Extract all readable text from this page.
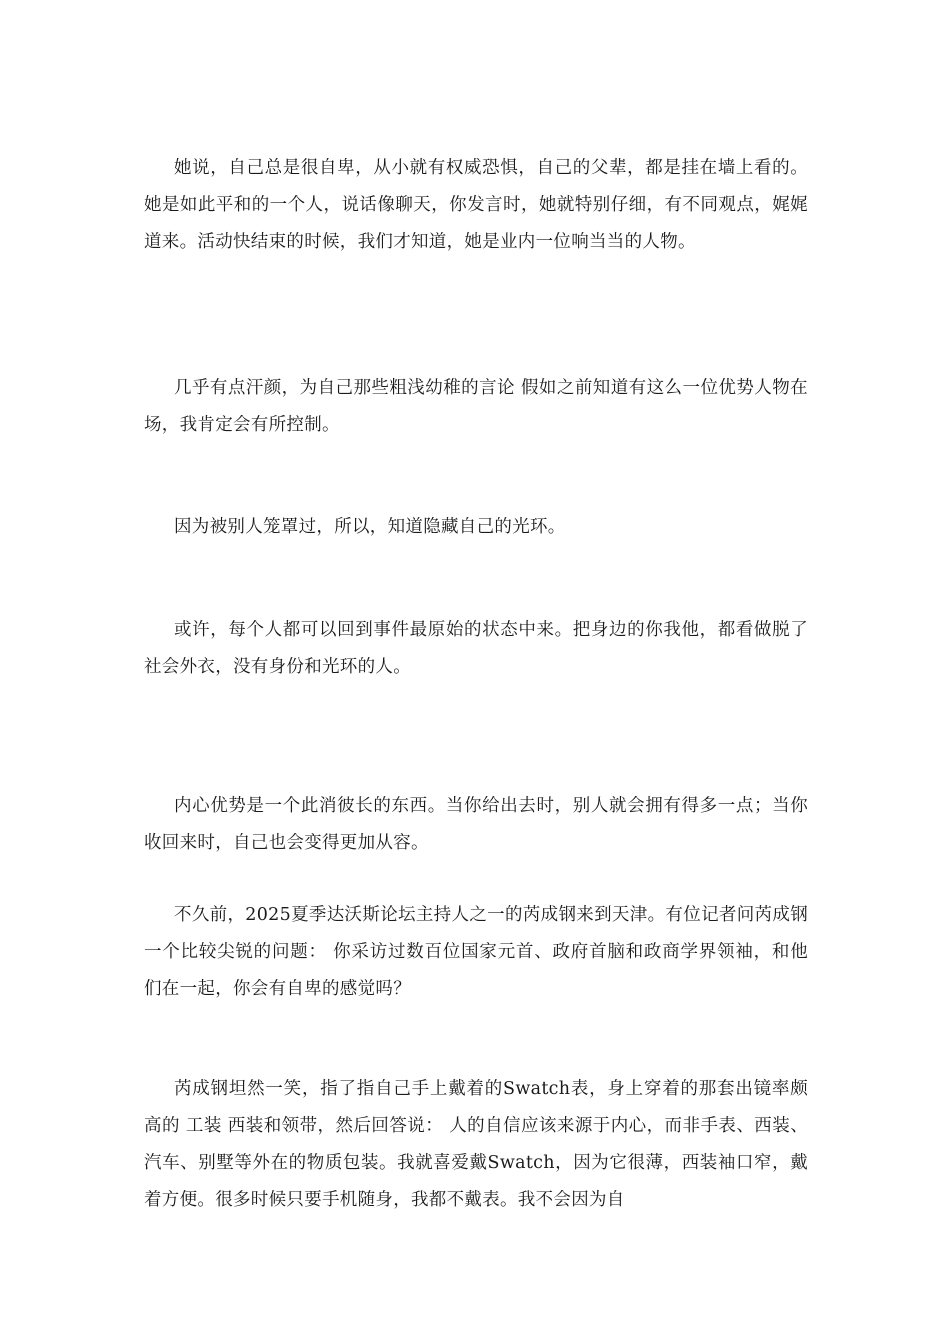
她说，自己总是很自卑，从小就有权威恐惧，自己的父辈，都是挂在墙上看的。她是如此平和的一个人，说话像聊天，你发言时，她就特别仔细，有不同观点，娓娓道来。活动快结束的时候，我们才知道，她是业内一位响当当的人物。

几乎有点汗颜，为自己那些粗浅幼稚的言论 假如之前知道有这么一位优势人物在场，我肯定会有所控制。

因为被别人笼罩过，所以，知道隐藏自己的光环。

或许，每个人都可以回到事件最原始的状态中来。把身边的你我他，都看做脱了社会外衣，没有身份和光环的人。

内心优势是一个此消彼长的东西。当你给出去时，别人就会拥有得多一点；当你收回来时，自己也会变得更加从容。

不久前，2025夏季达沃斯论坛主持人之一的芮成钢来到天津。有位记者问芮成钢一个比较尖锐的问题： 你采访过数百位国家元首、政府首脑和政商学界领袖，和他们在一起，你会有自卑的感觉吗？

芮成钢坦然一笑，指了指自己手上戴着的Swatch表，身上穿着的那套出镜率颇高的 工装 西装和领带，然后回答说： 人的自信应该来源于内心，而非手表、西装、汽车、别墅等外在的物质包装。我就喜爱戴Swatch，因为它很薄，西装袖口窄，戴着方便。很多时候只要手机随身，我都不戴表。我不会因为自
